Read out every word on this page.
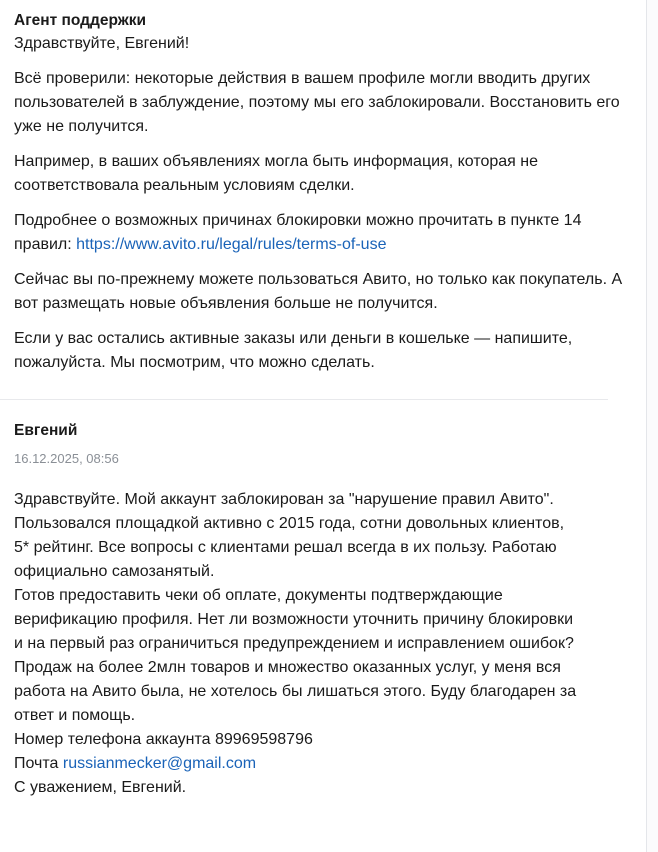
Агент поддержки

Здравствуйте, Евгений!

Всё проверили: некоторые действия в вашем профиле могли вводить других пользователей в заблуждение, поэтому мы его заблокировали. Восстановить его уже не получится.

Например, в ваших объявлениях могла быть информация, которая не соответствовала реальным условиям сделки.

Подробнее о возможных причинах блокировки можно прочитать в пункте 14 правил: https://www.avito.ru/legal/rules/terms-of-use

Сейчас вы по-прежнему можете пользоваться Авито, но только как покупатель. А вот размещать новые объявления больше не получится.

Если у вас остались активные заказы или деньги в кошельке — напишите, пожалуйста. Мы посмотрим, что можно сделать.

Евгений

16.12.2025, 08:56
Здравствуйте. Мой аккаунт заблокирован за "нарушение правил Авито".
Пользовался площадкой активно с 2015 года, сотни довольных клиентов,
5* рейтинг. Все вопросы с клиентами решал всегда в их пользу. Работаю
официально самозанятый.
Готов предоставить чеки об оплате, документы подтверждающие
верификацию профиля. Нет ли возможности уточнить причину блокировки
и на первый раз ограничиться предупреждением и исправлением ошибок?
Продаж на более 2млн товаров и множество оказанных услуг, у меня вся
работа на Авито была, не хотелось бы лишаться этого. Буду благодарен за
ответ и помощь.
Номер телефона аккаунта 89969598796
Почта russianmecker@gmail.com
С уважением, Евгений.
